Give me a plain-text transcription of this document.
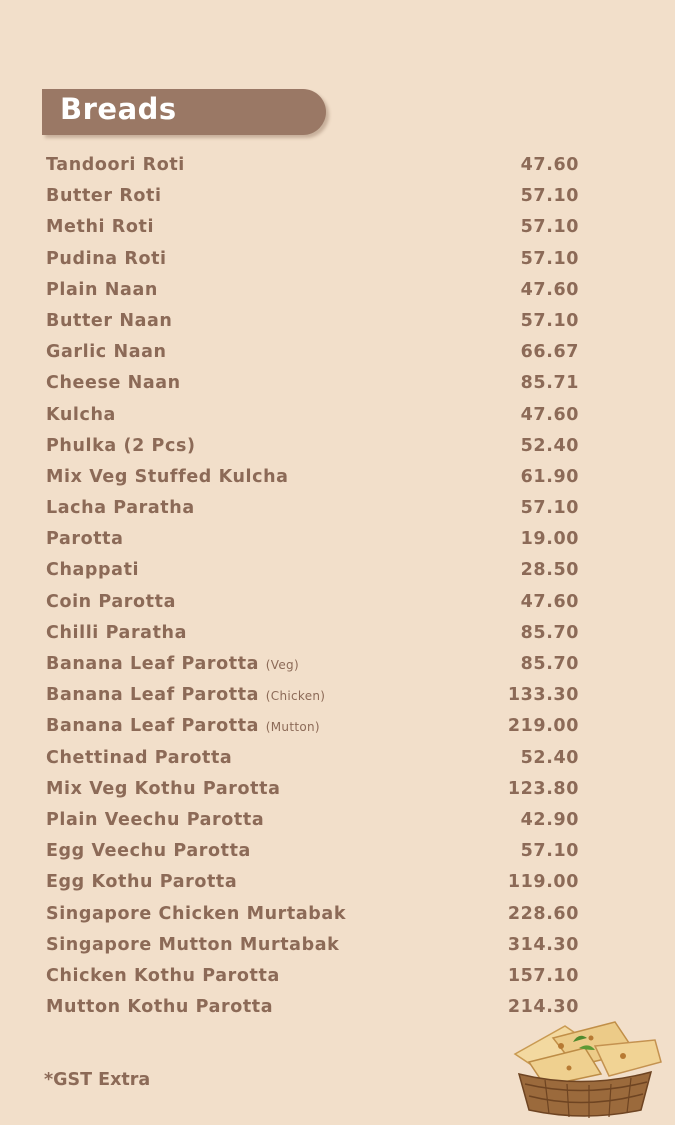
Breads
Tandoori Roti	47.60
Butter Roti	57.10
Methi Roti	57.10
Pudina Roti	57.10
Plain Naan	47.60
Butter Naan	57.10
Garlic Naan	66.67
Cheese Naan	85.71
Kulcha	47.60
Phulka (2 Pcs)	52.40
Mix Veg Stuffed Kulcha	61.90
Lacha Paratha	57.10
Parotta	19.00
Chappati	28.50
Coin Parotta	47.60
Chilli Paratha	85.70
Banana Leaf Parotta (Veg)	85.70
Banana Leaf Parotta (Chicken)	133.30
Banana Leaf Parotta (Mutton)	219.00
Chettinad Parotta	52.40
Mix Veg Kothu Parotta	123.80
Plain Veechu Parotta	42.90
Egg Veechu Parotta	57.10
Egg Kothu Parotta	119.00
Singapore Chicken Murtabak	228.60
Singapore Mutton Murtabak	314.30
Chicken Kothu Parotta	157.10
Mutton Kothu Parotta	214.30
*GST Extra
